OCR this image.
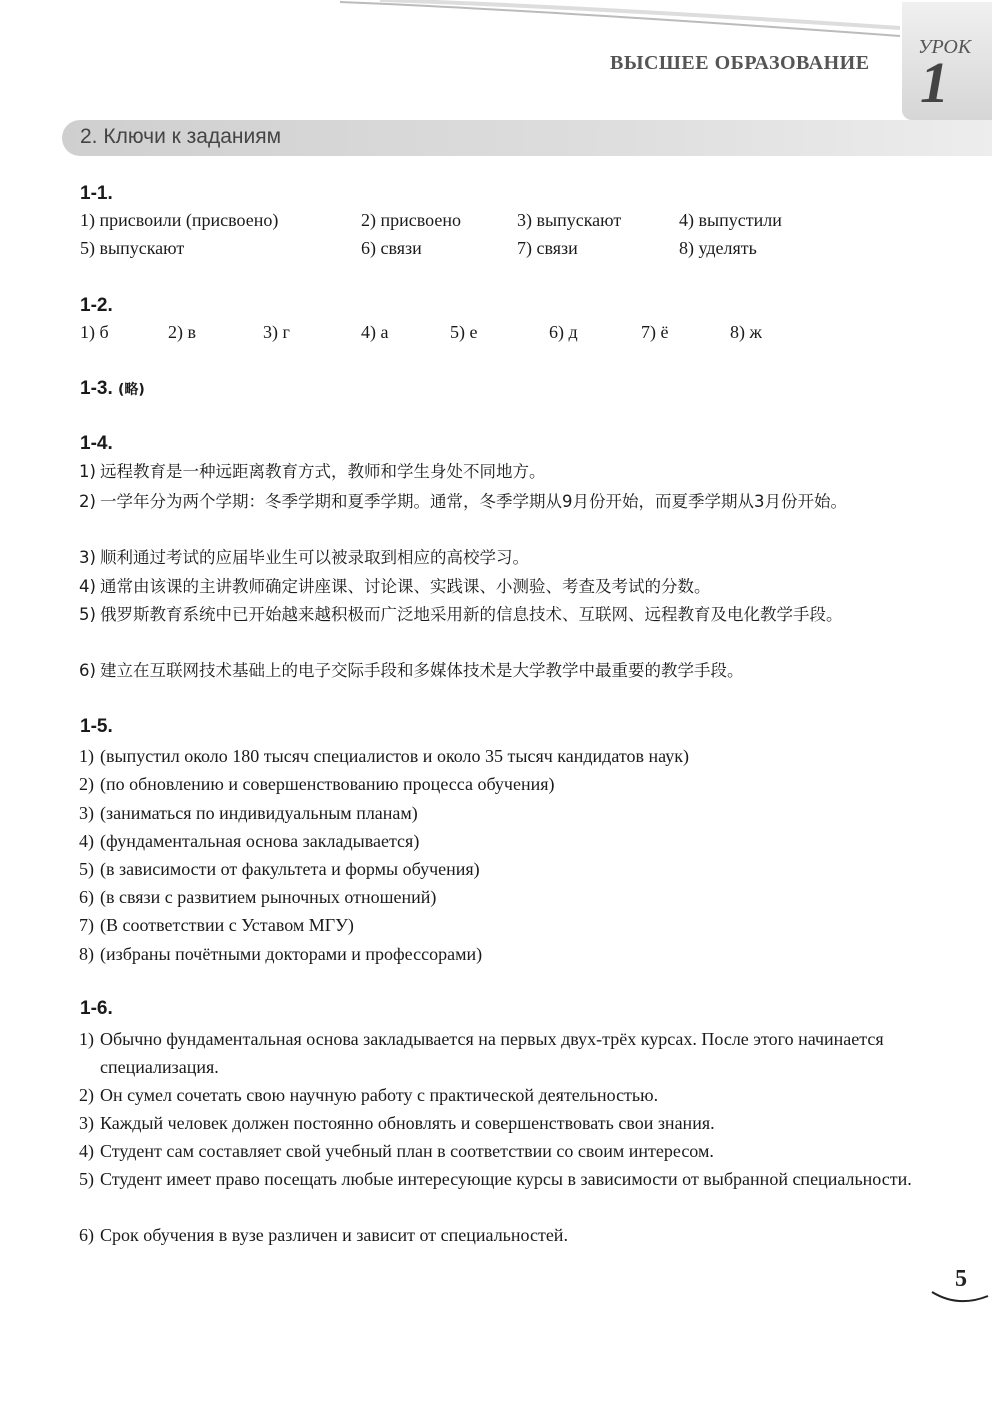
ВЫСШЕЕ ОБРАЗОВАНИЕ
УРОК
1
2. Ключи к заданиям
1-1.
1) присвоили (присвоено)	2) присвоено	3) выпускают	4) выпустили
5) выпускают	6) связи	7) связи	8) уделять
1-2.
1) б	2) в	3) г	4) а	5) е	6) д	7) ё	8) ж
1-3. (略)
1-4.
1) 远程教育是一种远距离教育方式，教师和学生身处不同地方。
2) 一学年分为两个学期：冬季学期和夏季学期。通常，冬季学期从9月份开始，而夏季学期从3月份开始。
3) 顺利通过考试的应届毕业生可以被录取到相应的高校学习。
4) 通常由该课的主讲教师确定讲座课、讨论课、实践课、小测验、考查及考试的分数。
5) 俄罗斯教育系统中已开始越来越积极而广泛地采用新的信息技术、互联网、远程教育及电化教学手段。
6) 建立在互联网技术基础上的电子交际手段和多媒体技术是大学教学中最重要的教学手段。
1-5.
1) (выпустил около 180 тысяч специалистов и около 35 тысяч кандидатов наук)
2) (по обновлению и совершенствованию процесса обучения)
3) (заниматься по индивидуальным планам)
4) (фундаментальная основа закладывается)
5) (в зависимости от факультета и формы обучения)
6) (в связи с развитием рыночных отношений)
7) (В соответствии с Уставом МГУ)
8) (избраны почётными докторами и профессорами)
1-6.
1) Обычно фундаментальная основа закладывается на первых двух-трёх курсах. После этого начинается специализация.
2) Он сумел сочетать свою научную работу с практической деятельностью.
3) Каждый человек должен постоянно обновлять и совершенствовать свои знания.
4) Студент сам составляет свой учебный план в соответствии со своим интересом.
5) Студент имеет право посещать любые интересующие курсы в зависимости от выбранной специальности.
6) Срок обучения в вузе различен и зависит от специальностей.
5
